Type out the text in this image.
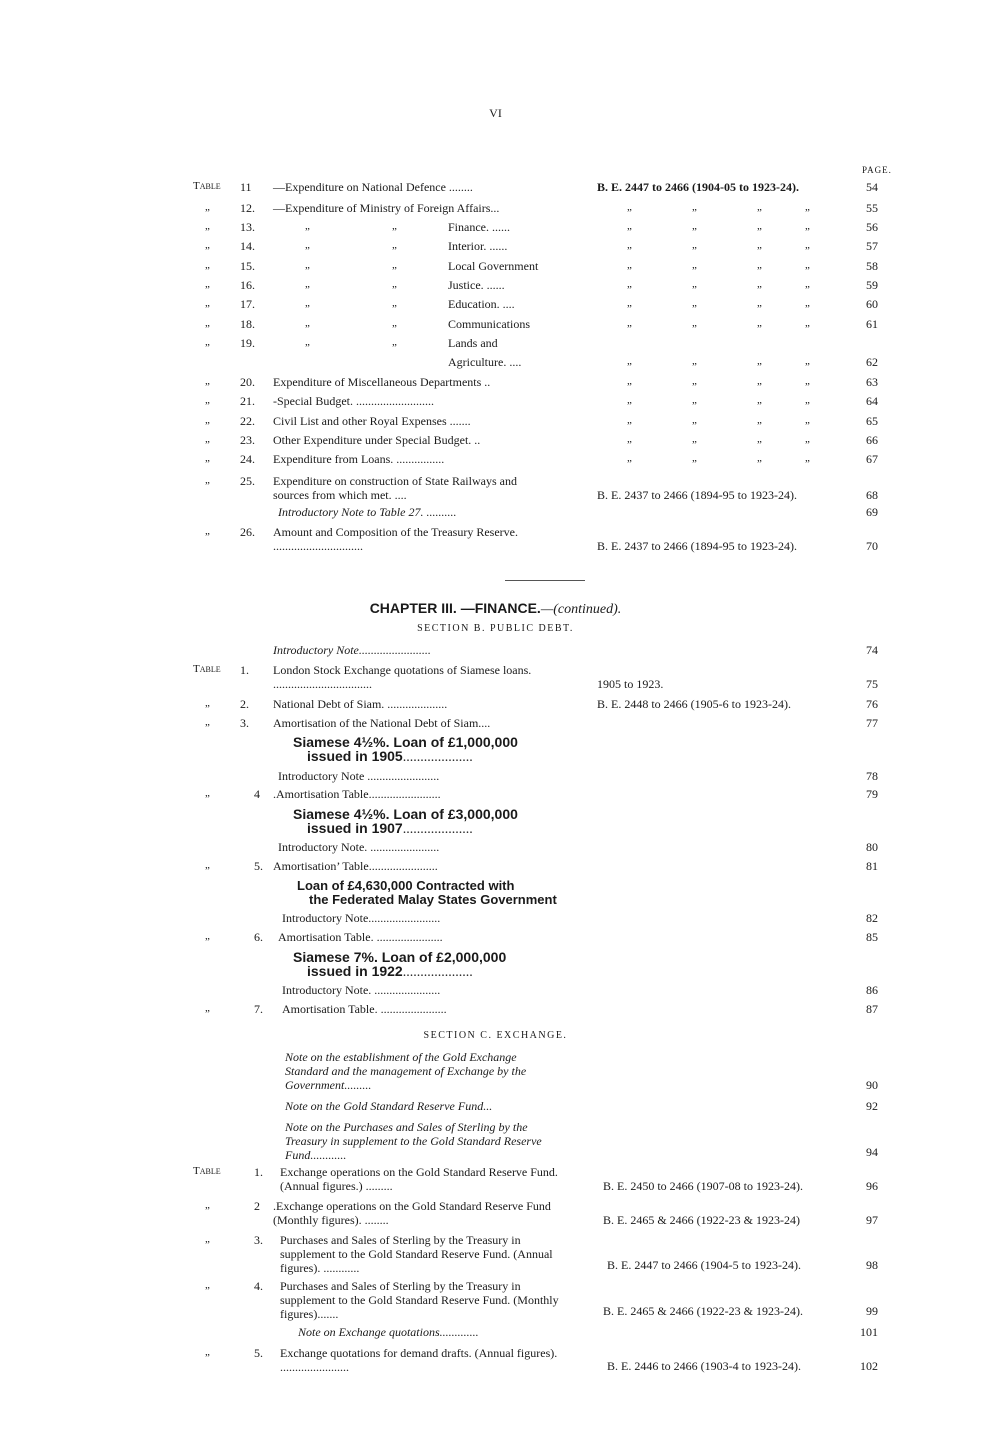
VI
PAGE.
Table 11 —Expenditure on National Defence ........	B. E. 2447 to 2466 (1904-05 to 1923-24).	54
„	12. —Expenditure of Ministry of Foreign Affairs...	„	„	„	„	55
„	13.	„	„	Finance. ......	„	„	„	„	56
„	14.	„	„	Interior. ......	„	„	„	„	57
„	15.	„	„	Local Government	„	„	„	„	58
„	16.	„	„	Justice. ......	„	„	„	„	59
„	17.	„	„	Education. ....	„	„	„	„	60
„	18.	„	„	Communications	„	„	„	„	61
„	19.	„	„	Lands and
Agriculture. ....	„	„	„	„	62
„	20. Expenditure of Miscellaneous Departments ..	„	„	„	„	63
„	21. -Special Budget. ..........................	„	„	„	„	64
„	22. Civil List and other Royal Expenses .......	„	„	„	„	65
„	23. Other Expenditure under Special Budget. ..	„	„	„	„	66
„	24. Expenditure from Loans. ................	„	„	„	„	67
„	25. Expenditure on construction of State Railways and sources from which met. ....	B. E. 2437 to 2466 (1894-95 to 1923-24).	68
Introductory Note to Table 27. ..........	69
„	26. Amount and Composition of the Treasury Reserve. ..............................	B. E. 2437 to 2466 (1894-95 to 1923-24).	70
CHAPTER III. —FINANCE.—(continued).
SECTION B. PUBLIC DEBT.
Introductory Note........................	74
Table 1. London Stock Exchange quotations of Siamese loans. .................................	1905 to 1923.	75
„	2. National Debt of Siam. ....................	B. E. 2448 to 2466 (1905-6 to 1923-24).	76
„	3. Amortisation of the National Debt of Siam....	77
Siamese 4½%. Loan of £1,000,000
issued in 1905....................
Introductory Note ........................	78
„	4 .Amortisation Table........................	79
Siamese 4½%. Loan of £3,000,000
issued in 1907....................
Introductory Note. .......................	80
„	5. Amortisation’ Table.......................	81
Loan of £4,630,000 Contracted with
the Federated Malay States Government
Introductory Note........................	82
„	6. Amortisation Table. ......................	85
Siamese 7%. Loan of £2,000,000
issued in 1922....................
Introductory Note. ......................	86
„	7. Amortisation Table. ......................	87
SECTION C. EXCHANGE.
Note on the establishment of the Gold Exchange Standard and the management of Exchange by the Government.........	90
Note on the Gold Standard Reserve Fund...	92
Note on the Purchases and Sales of Sterling by the Treasury in supplement to the Gold Standard Reserve Fund............	94
Table	1. Exchange operations on the Gold Standard Reserve Fund. (Annual figures.) .........	B. E. 2450 to 2466 (1907-08 to 1923-24).	96
„	2 .Exchange operations on the Gold Standard Reserve Fund (Monthly figures). ........	B. E. 2465 & 2466 (1922-23 & 1923-24)	97
„	3. Purchases and Sales of Sterling by the Treasury in supplement to the Gold Standard Reserve Fund. (Annual figures). ............	B. E. 2447 to 2466 (1904-5 to 1923-24).	98
„	4. Purchases and Sales of Sterling by the Treasury in supplement to the Gold Standard Reserve Fund. (Monthly figures).......	B. E. 2465 & 2466 (1922-23 & 1923-24).	99
Note on Exchange quotations.............	101
„	5. Exchange quotations for demand drafts. (Annual figures). .......................	B. E. 2446 to 2466 (1903-4 to 1923-24).	102
